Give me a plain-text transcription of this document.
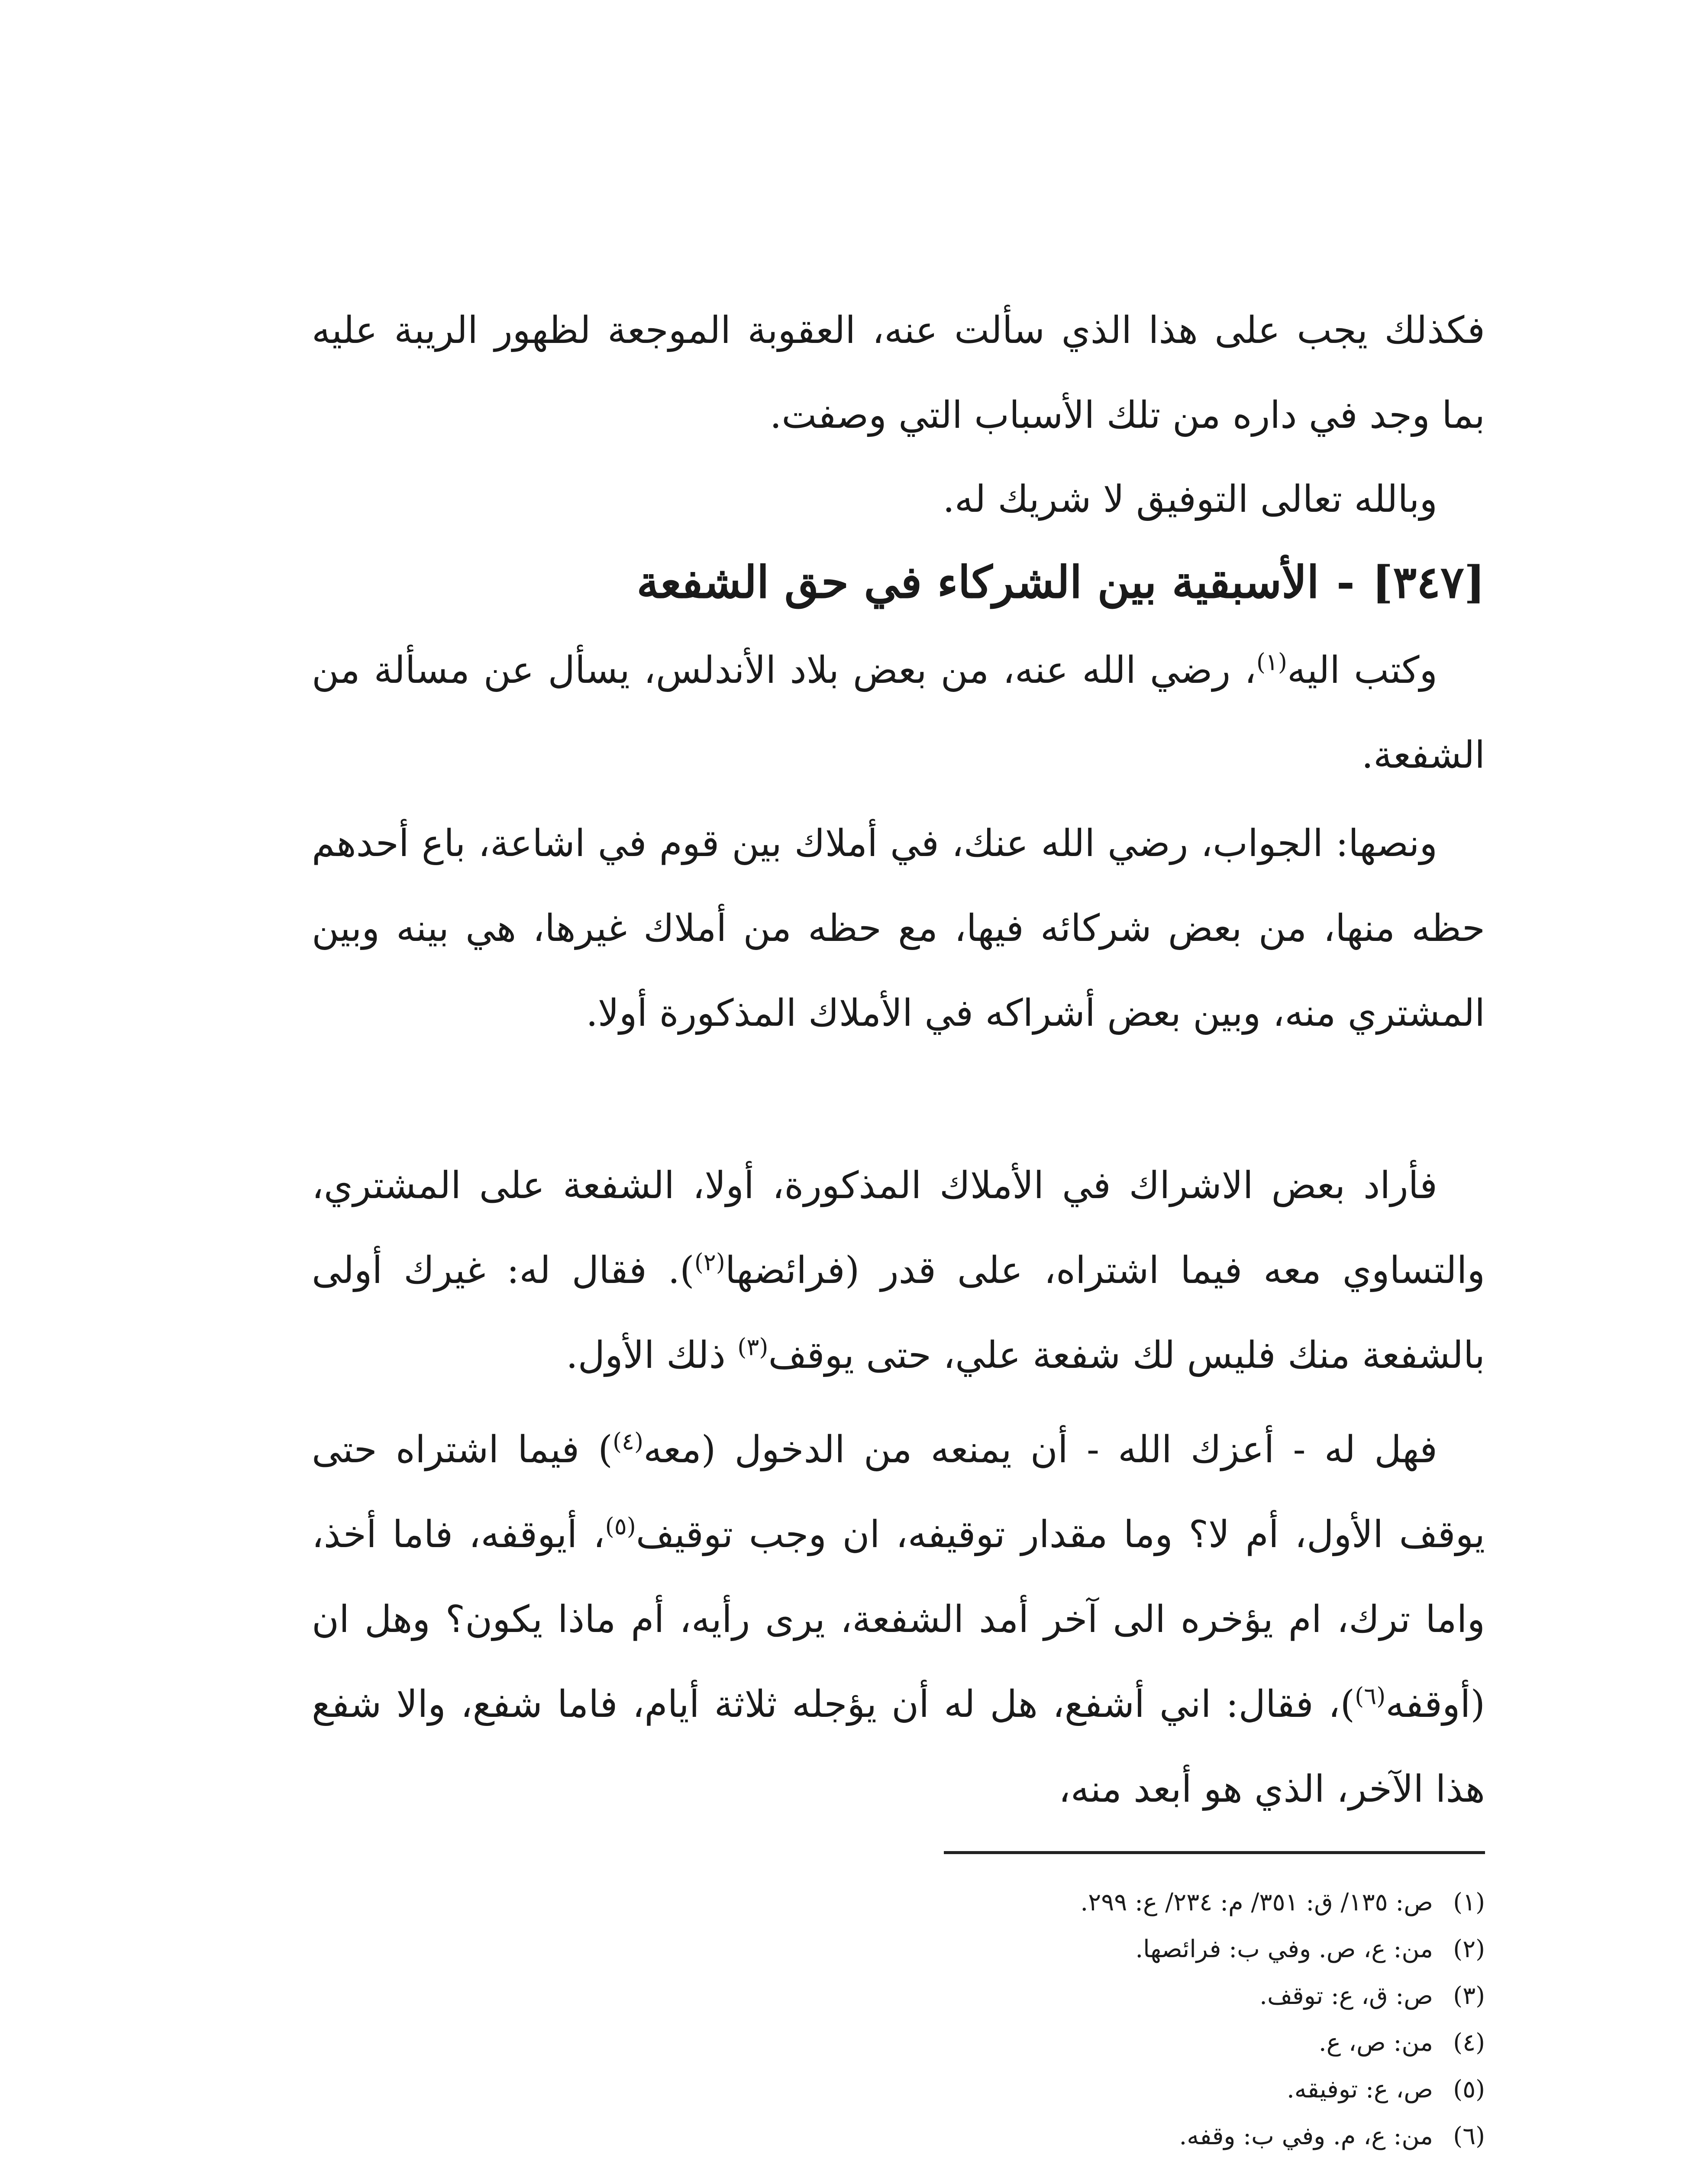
فكذلك يجب على هذا الذي سألت عنه، العقوبة الموجعة لظهور الريبة عليه بما وجد في داره من تلك الأسباب التي وصفت.

وبالله تعالى التوفيق لا شريك له.

[٣٤٧]-الأسبقية بين الشركاء في حق الشفعة

وكتب اليه$^{(١)}$، رضي الله عنه، من بعض بلاد الأندلس، يسأل عن مسألة من الشفعة.

ونصها: الجواب، رضي الله عنك، في أملاك بين قوم في اشاعة، باع أحدهم حظه منها، من بعض شركائه فيها، مع حظه من أملاك غيرها، هي بينه وبين المشتري منه، وبين بعض أشراكه في الأملاك المذكورة أولا.

فأراد بعض الاشراك في الأملاك المذكورة، أولا، الشفعة على المشتري، والتساوي معه فيما اشتراه، على قدر (فرائضها$^{(٢)}$). فقال له: غيرك أولى بالشفعة منك فليس لك شفعة علي، حتى يوقف$^{(٣)}$ ذلك الأول.

فهل له - أعزك الله - أن يمنعه من الدخول (معه$^{(٤)}$) فيما اشتراه حتى يوقف الأول، أم لا؟ وما مقدار توقيفه، ان وجب توقيف$^{(٥)}$، أيوقفه، فاما أخذ، واما ترك، ام يؤخره الى آخر أمد الشفعة، يرى رأيه، أم ماذا يكون؟ وهل ان (أوقفه$^{(٦)}$)، فقال: اني أشفع، هل له أن يؤجله ثلاثة أيام، فاما شفع، والا شفع هذا الآخر، الذي هو أبعد منه،

(١)ص: ١٣٥/ ق: ٣٥١/ م: ٢٣٤/ ع: ٢٩٩.
(٢)من: ع، ص. وفي ب: فرائصها.
(٣)ص: ق، ع: توقف.
(٤)من: ص، ع.
(٥)ص، ع: توفيقه.
(٦)من: ع، م. وفي ب: وقفه.
